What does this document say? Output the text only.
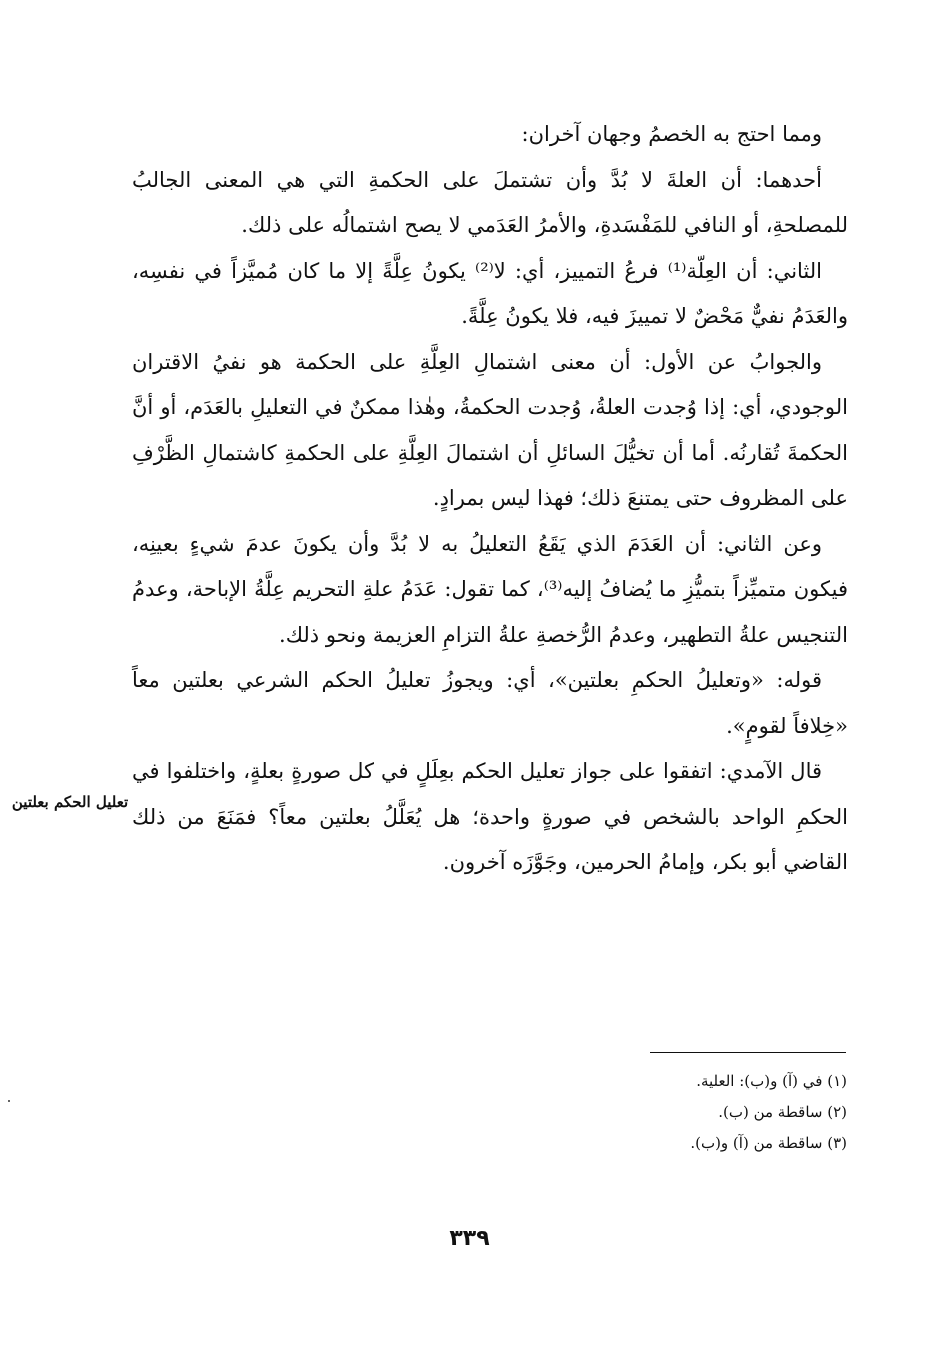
ومما احتج به الخصمُ وجهان آخران:

أحدهما: أن العلةَ لا بُدَّ وأن تشتملَ على الحكمةِ التي هي المعنى الجالبُ للمصلحةِ، أو النافي للمَفْسَدةِ، والأمرُ العَدَمي لا يصح اشتمالُه على ذلك.

الثاني: أن العِلّة⁽¹⁾ فرعُ التمييز، أي: لا⁽²⁾ يكونُ عِلَّةً إلا ما كان مُميَّزاً في نفسِه، والعَدَمُ نفيٌّ مَحْضٌ لا تمييزَ فيه، فلا يكونُ عِلَّةً.

والجوابُ عن الأول: أن معنى اشتمالِ العِلَّةِ على الحكمة هو نفيُ الاقتران الوجودي، أي: إذا وُجدت العلةُ، وُجدت الحكمةُ، وهٰذا ممكنٌ في التعليلِ بالعَدَم، أو أنَّ الحكمةَ تُقارنُه. أما أن تخيُّلَ السائلِ أن اشتمالَ العِلَّةِ على الحكمةِ كاشتمالِ الظَّرْفِ على المظروف حتى يمتنعَ ذلك؛ فهذا ليس بمرادٍ.

وعن الثاني: أن العَدَمَ الذي يَقَعُ التعليلُ به لا بُدَّ وأن يكونَ عدمَ شيءٍ بعينِه، فيكون متميِّزاً بتميُّزِ ما يُضافُ إليه⁽³⁾، كما تقول: عَدَمُ علةِ التحريم عِلَّةُ الإباحة، وعدمُ التنجيس علةُ التطهير، وعدمُ الرُّخصةِ علةُ التزامِ العزيمة ونحو ذلك.

قوله: «وتعليلُ الحكمِ بعلتين»، أي: ويجوزُ تعليلُ الحكم الشرعي بعلتين معاً «خِلافاً لقومٍ».

قال الآمدي: اتفقوا على جواز تعليل الحكم بعِلَلٍ في كل صورةٍ بعلةٍ، واختلفوا في الحكمِ الواحد بالشخص في صورةٍ واحدة؛ هل يُعَلَّلُ بعلتين معاً؟ فمَنَعَ من ذلك القاضي أبو بكر، وإمامُ الحرمين، وجَوَّزَه آخرون.

تعليل الحكم بعلتين

(١) في (آ) و(ب): العلية.

(٢) ساقطة من (ب).

(٣) ساقطة من (آ) و(ب).

٣٣٩
